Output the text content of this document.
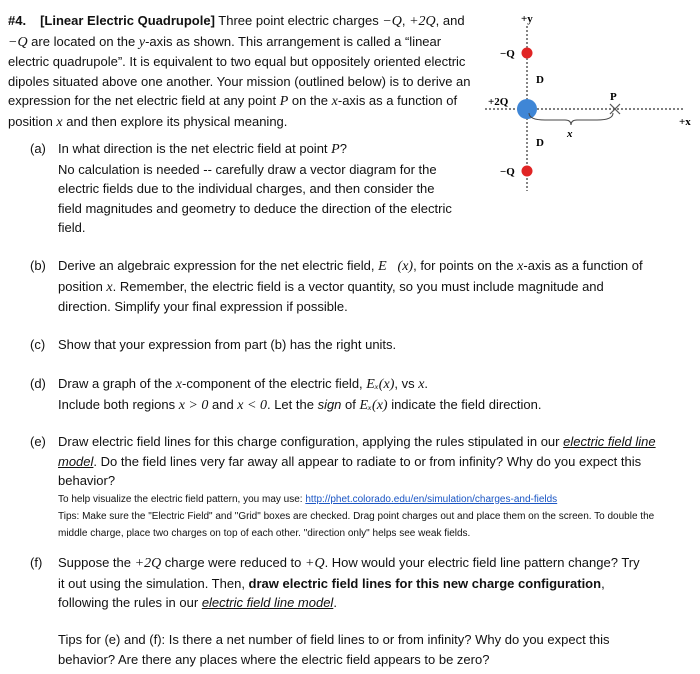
#4. [Linear Electric Quadrupole] Three point electric charges −Q, +2Q, and −Q are located on the y-axis as shown. This arrangement is called a “linear electric quadrupole”. It is equivalent to two equal but oppositely oriented electric dipoles situated above one another. Your mission (outlined below) is to derive an expression for the net electric field at any point P on the x-axis as a function of position x and then explore its physical meaning.
+y
+x
−Q
+2Q
−Q
D
D
P
x
(a) In what direction is the net electric field at point P?
No calculation is needed -- carefully draw a vector diagram for the electric fields due to the individual charges, and then consider the field magnitudes and geometry to deduce the direction of the electric field.
(b) Derive an algebraic expression for the net electric field, E⃗(x), for points on the x-axis as a function of position x. Remember, the electric field is a vector quantity, so you must include magnitude and direction. Simplify your final expression if possible.
(c) Show that your expression from part (b) has the right units.
(d) Draw a graph of the x-component of the electric field, Eₓ(x), vs x.
Include both regions x > 0 and x < 0. Let the sign of Eₓ(x) indicate the field direction.
(e) Draw electric field lines for this charge configuration, applying the rules stipulated in our electric field line model. Do the field lines very far away all appear to radiate to or from infinity? Why do you expect this behavior?
To help visualize the electric field pattern, you may use: http://phet.colorado.edu/en/simulation/charges-and-fields
Tips: Make sure the "Electric Field" and "Grid" boxes are checked. Drag point charges out and place them on the screen. To double the middle charge, place two charges on top of each other. "direction only" helps see weak fields.
(f) Suppose the +2Q charge were reduced to +Q. How would your electric field line pattern change? Try it out using the simulation. Then, draw electric field lines for this new charge configuration, following the rules in our electric field line model.
Tips for (e) and (f): Is there a net number of field lines to or from infinity? Why do you expect this behavior? Are there any places where the electric field appears to be zero?
